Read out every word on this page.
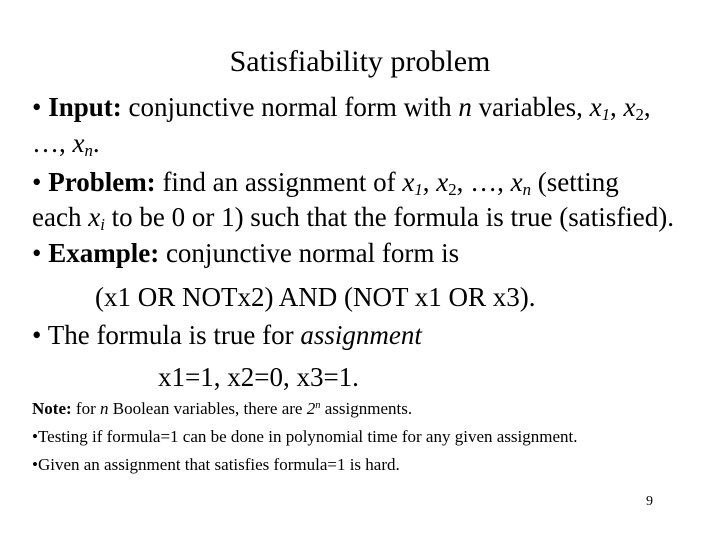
Satisfiability problem
• Input: conjunctive normal form with n variables, $x_1$, $x_2$,
…, $x_n$.
• Problem: find an assignment of $x_1$, $x_2$, …, $x_n$ (setting
each $x_i$ to be 0 or 1) such that the formula is true (satisfied).
• Example: conjunctive normal form is
(x1 OR NOTx2) AND (NOT x1 OR x3).
• The formula is true for assignment
x1=1, x2=0, x3=1.
Note: for n Boolean variables, there are 2$^n$ assignments.
•Testing if formula=1 can be done in polynomial time for any given assignment.
•Given an assignment that satisfies formula=1 is hard.
9
